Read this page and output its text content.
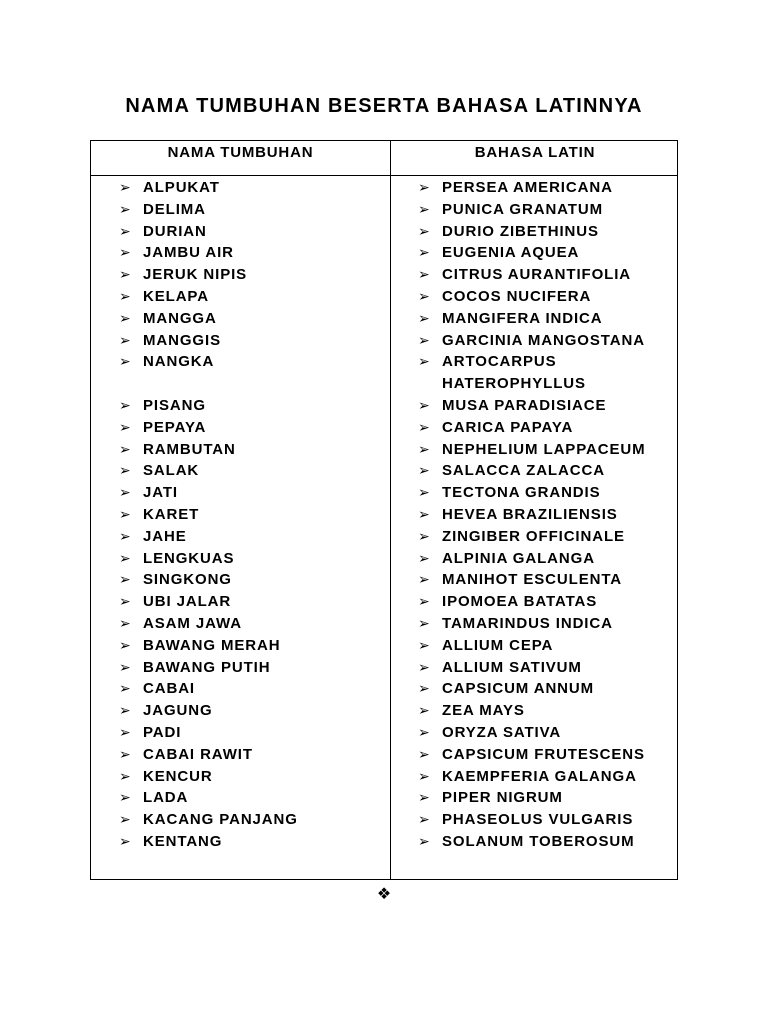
NAMA TUMBUHAN BESERTA BAHASA LATINNYA
NAMA TUMBUHAN	BAHASA LATIN
➢ ALPUKAT
➢ DELIMA
➢ DURIAN
➢ JAMBU AIR
➢ JERUK NIPIS
➢ KELAPA
➢ MANGGA
➢ MANGGIS
➢ NANGKA
➢ PISANG
➢ PEPAYA
➢ RAMBUTAN
➢ SALAK
➢ JATI
➢ KARET
➢ JAHE
➢ LENGKUAS
➢ SINGKONG
➢ UBI JALAR
➢ ASAM JAWA
➢ BAWANG MERAH
➢ BAWANG PUTIH
➢ CABAI
➢ JAGUNG
➢ PADI
➢ CABAI RAWIT
➢ KENCUR
➢ LADA
➢ KACANG PANJANG
➢ KENTANG
➢ PERSEA AMERICANA
➢ PUNICA GRANATUM
➢ DURIO ZIBETHINUS
➢ EUGENIA AQUEA
➢ CITRUS AURANTIFOLIA
➢ COCOS NUCIFERA
➢ MANGIFERA INDICA
➢ GARCINIA MANGOSTANA
➢ ARTOCARPUS HATEROPHYLLUS
➢ MUSA PARADISIACE
➢ CARICA PAPAYA
➢ NEPHELIUM LAPPACEUM
➢ SALACCA ZALACCA
➢ TECTONA GRANDIS
➢ HEVEA BRAZILIENSIS
➢ ZINGIBER OFFICINALE
➢ ALPINIA GALANGA
➢ MANIHOT ESCULENTA
➢ IPOMOEA BATATAS
➢ TAMARINDUS INDICA
➢ ALLIUM CEPA
➢ ALLIUM SATIVUM
➢ CAPSICUM ANNUM
➢ ZEA MAYS
➢ ORYZA SATIVA
➢ CAPSICUM FRUTESCENS
➢ KAEMPFERIA GALANGA
➢ PIPER NIGRUM
➢ PHASEOLUS VULGARIS
➢ SOLANUM TOBEROSUM
❖
